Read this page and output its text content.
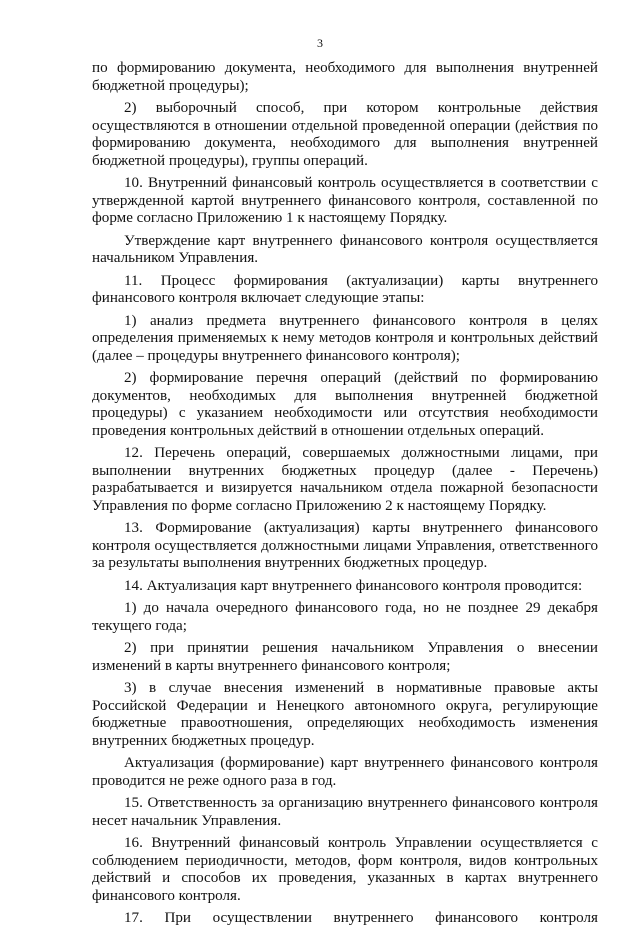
3

по формированию документа, необходимого для выполнения внутренней бюджетной процедуры);

2) выборочный способ, при котором контрольные действия осуществляются в отношении отдельной проведенной операции (действия по формированию документа, необходимого для выполнения внутренней бюджетной процедуры), группы операций.

10. Внутренний финансовый контроль осуществляется в соответствии с утвержденной картой внутреннего финансового контроля, составленной по форме согласно Приложению 1 к настоящему Порядку.

Утверждение карт внутреннего финансового контроля осуществляется начальником Управления.

11. Процесс формирования (актуализации) карты внутреннего финансового контроля включает следующие этапы:

1) анализ предмета внутреннего финансового контроля в целях определения применяемых к нему методов контроля и контрольных действий (далее – процедуры внутреннего финансового контроля);

2) формирование перечня операций (действий по формированию документов, необходимых для выполнения внутренней бюджетной процедуры) с указанием необходимости или отсутствия необходимости проведения контрольных действий в отношении отдельных операций.

12. Перечень операций, совершаемых должностными лицами, при выполнении внутренних бюджетных процедур (далее - Перечень) разрабатывается и визируется начальником отдела пожарной безопасности Управления по форме согласно Приложению 2 к настоящему Порядку.

13. Формирование (актуализация) карты внутреннего финансового контроля осуществляется должностными лицами Управления, ответственного за результаты выполнения внутренних бюджетных процедур.

14. Актуализация карт внутреннего финансового контроля проводится:

1) до начала очередного финансового года, но не позднее 29 декабря текущего года;

2) при принятии решения начальником Управления о внесении изменений в карты внутреннего финансового контроля;

3) в случае внесения изменений в нормативные правовые акты Российской Федерации и Ненецкого автономного округа, регулирующие бюджетные правоотношения, определяющих необходимость изменения внутренних бюджетных процедур.

Актуализация (формирование) карт внутреннего финансового контроля проводится не реже одного раза в год.

15. Ответственность за организацию внутреннего финансового контроля несет начальник Управления.

16. Внутренний финансовый контроль Управлении осуществляется с соблюдением периодичности, методов, форм контроля, видов контрольных действий и способов их проведения, указанных в картах внутреннего финансового контроля.

17. При осуществлении внутреннего финансового контроля
